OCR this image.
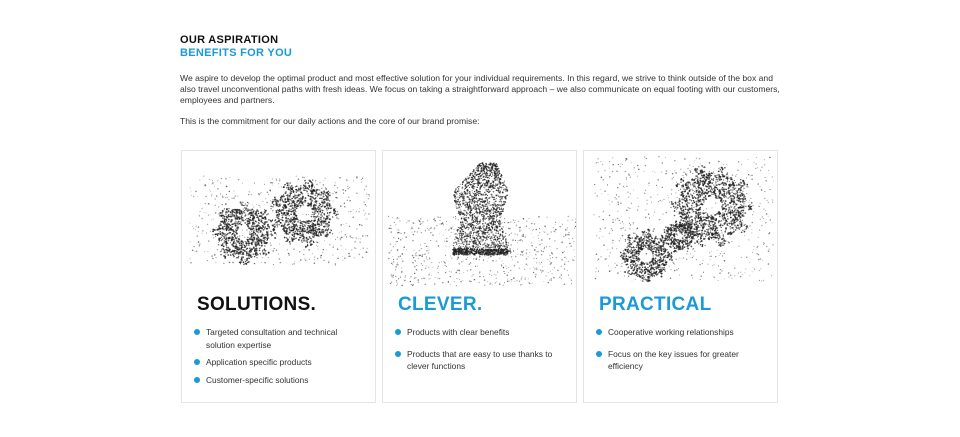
OUR ASPIRATION
BENEFITS FOR YOU
We aspire to develop the optimal product and most effective solution for your individual requirements. In this regard, we strive to think outside of the box and also travel unconventional paths with fresh ideas. We focus on taking a straightforward approach – we also communicate on equal footing with our customers, employees and partners.
This is the commitment for our daily actions and the core of our brand promise:
SOLUTIONS.
Targeted consultation and technical solution expertise
Application specific products
Customer-specific solutions
CLEVER.
Products with clear benefits
Products that are easy to use thanks to clever functions
PRACTICAL
Cooperative working relationships
Focus on the key issues for greater efficiency
